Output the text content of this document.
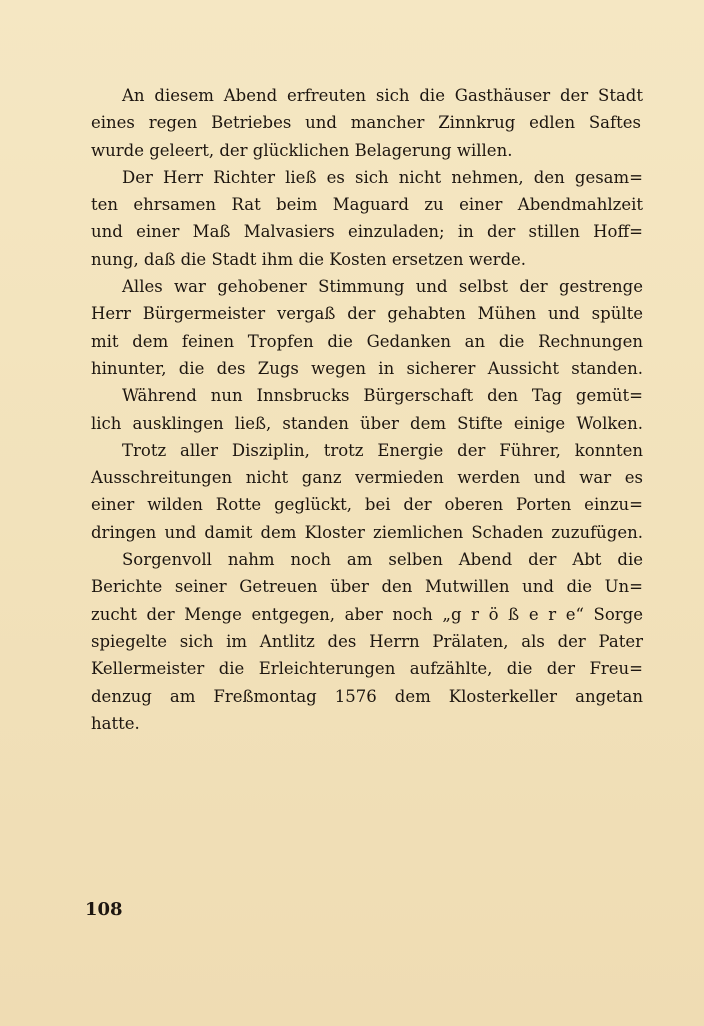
An diesem Abend erfreuten sich die Gasthäuser der Stadt
eines regen Betriebes und mancher Zinnkrug edlen Saftes
wurde geleert, der glücklichen Belagerung willen.

Der Herr Richter ließ es sich nicht nehmen, den gesam=
ten ehrsamen Rat beim Maguard zu einer Abendmahlzeit
und einer Maß Malvasiers einzuladen; in der stillen Hoff=
nung, daß die Stadt ihm die Kosten ersetzen werde.

Alles war gehobener Stimmung und selbst der gestrenge
Herr Bürgermeister vergaß der gehabten Mühen und spülte
mit dem feinen Tropfen die Gedanken an die Rechnungen
hinunter, die des Zugs wegen in sicherer Aussicht standen.

Während nun Innsbrucks Bürgerschaft den Tag gemüt=
lich ausklingen ließ, standen über dem Stifte einige Wolken.

Trotz aller Disziplin, trotz Energie der Führer, konnten
Ausschreitungen nicht ganz vermieden werden und war es
einer wilden Rotte geglückt, bei der oberen Porten einzu=
dringen und damit dem Kloster ziemlichen Schaden zuzufügen.

Sorgenvoll nahm noch am selben Abend der Abt die
Berichte seiner Getreuen über den Mutwillen und die Un=
zucht der Menge entgegen, aber noch „g r ö ß e r e“ Sorge
spiegelte sich im Antlitz des Herrn Prälaten, als der Pater
Kellermeister die Erleichterungen aufzählte, die der Freu=
denzug am Freßmontag 1576 dem Klosterkeller angetan
hatte.

108
